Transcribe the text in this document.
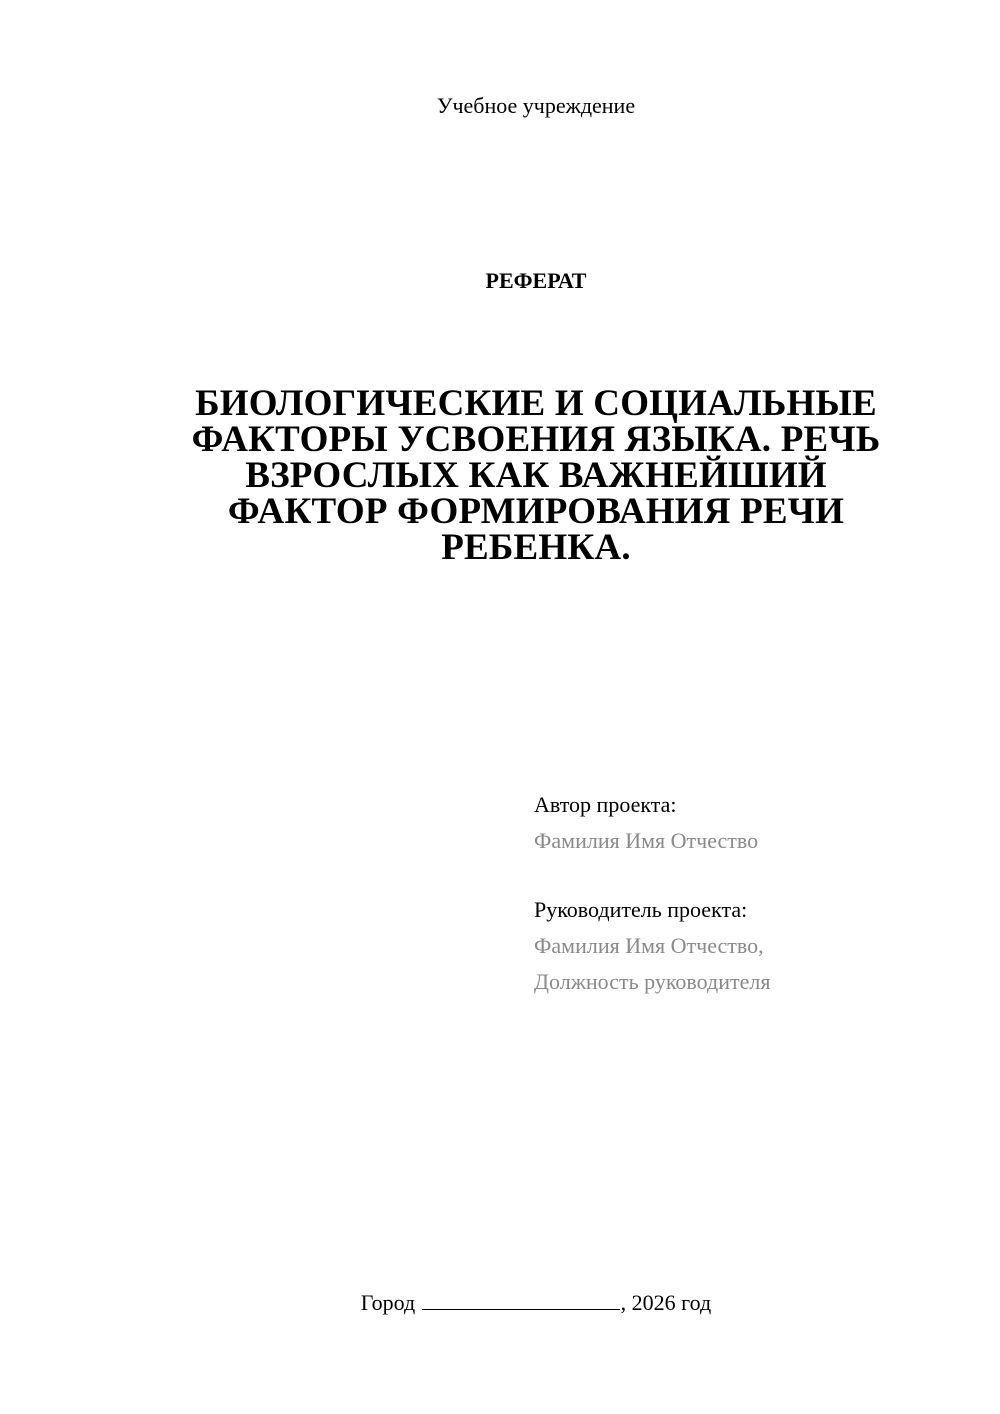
Учебное учреждение
РЕФЕРАТ
БИОЛОГИЧЕСКИЕ И СОЦИАЛЬНЫЕ ФАКТОРЫ УСВОЕНИЯ ЯЗЫКА. РЕЧЬ ВЗРОСЛЫХ КАК ВАЖНЕЙШИЙ ФАКТОР ФОРМИРОВАНИЯ РЕЧИ РЕБЕНКА.
Автор проекта:
Фамилия Имя Отчество
Руководитель проекта:
Фамилия Имя Отчество,
Должность руководителя
Город	, 2026 год
